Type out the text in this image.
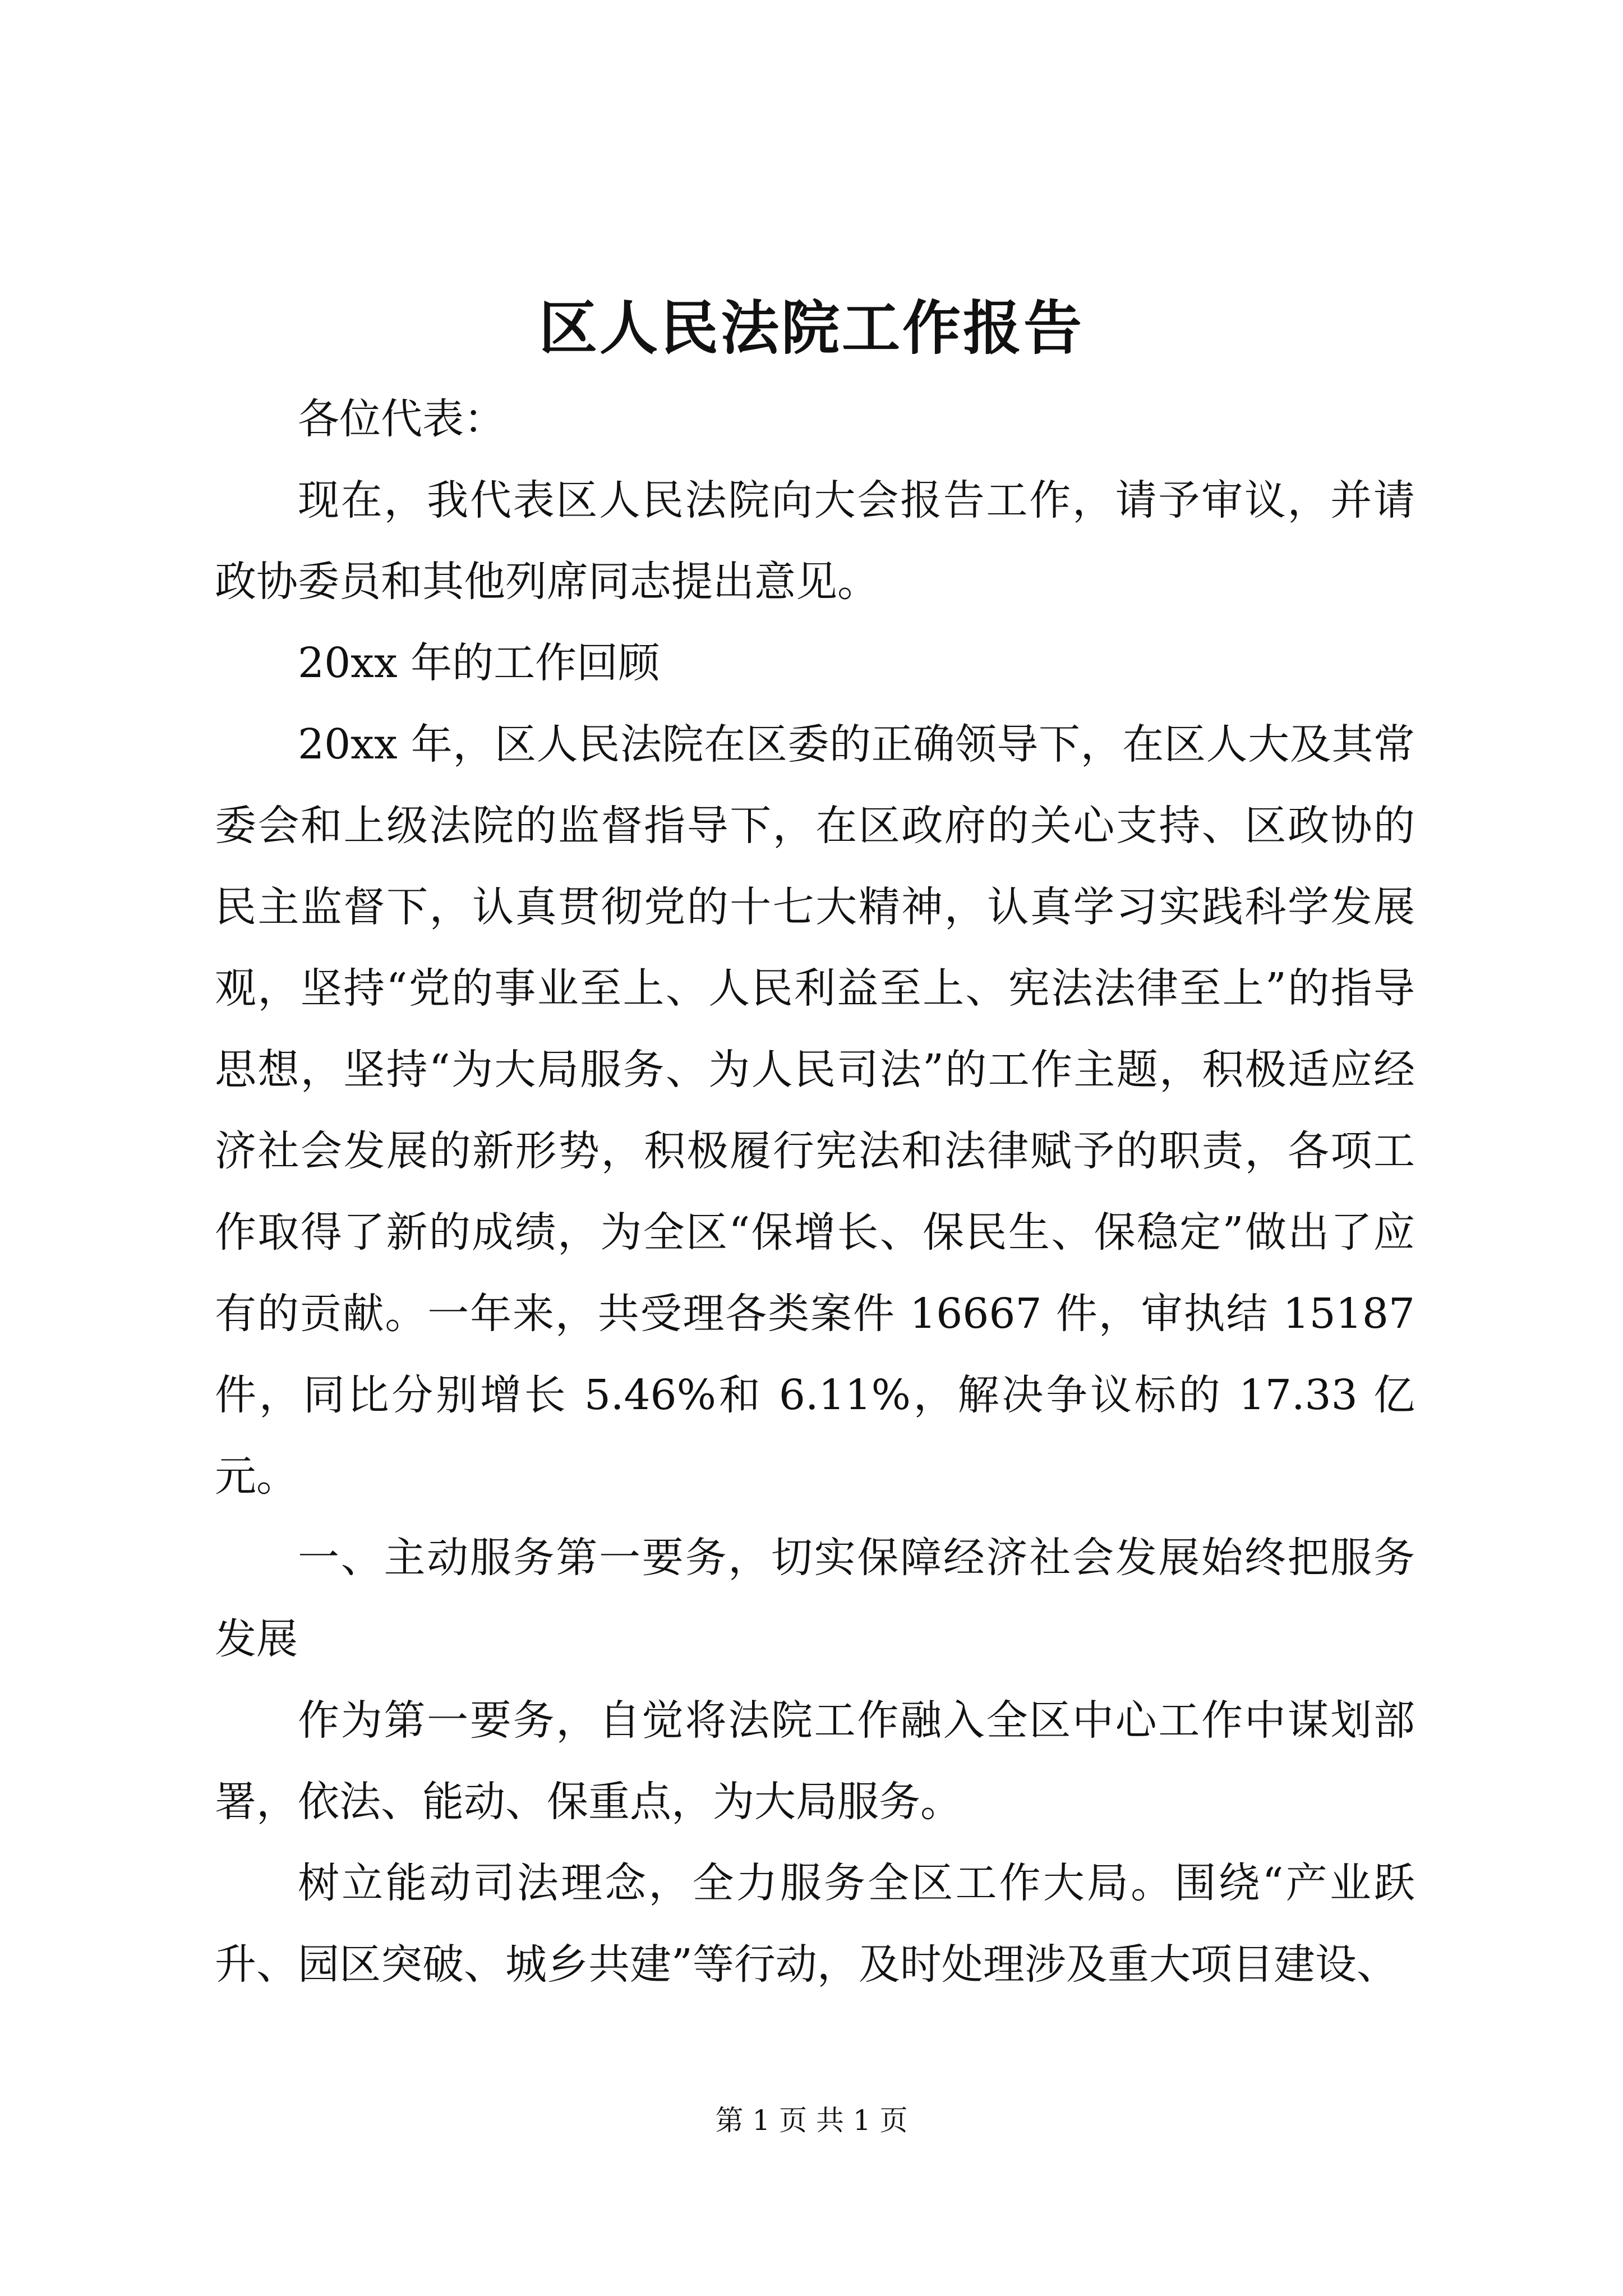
区人民法院工作报告

各位代表：

现在，我代表区人民法院向大会报告工作，请予审议，并请政协委员和其他列席同志提出意见。

20xx 年的工作回顾

20xx 年，区人民法院在区委的正确领导下，在区人大及其常委会和上级法院的监督指导下，在区政府的关心支持、区政协的民主监督下，认真贯彻党的十七大精神，认真学习实践科学发展观，坚持“党的事业至上、人民利益至上、宪法法律至上”的指导思想，坚持“为大局服务、为人民司法”的工作主题，积极适应经济社会发展的新形势，积极履行宪法和法律赋予的职责，各项工作取得了新的成绩，为全区“保增长、保民生、保稳定”做出了应有的贡献。一年来，共受理各类案件 16667 件，审执结 15187 件，同比分别增长 5.46%和 6.11%，解决争议标的 17.33 亿元。

一、主动服务第一要务，切实保障经济社会发展始终把服务发展

作为第一要务，自觉将法院工作融入全区中心工作中谋划部署，依法、能动、保重点，为大局服务。

树立能动司法理念，全力服务全区工作大局。围绕“产业跃升、园区突破、城乡共建”等行动，及时处理涉及重大项目建设、

第 1 页 共 1 页
